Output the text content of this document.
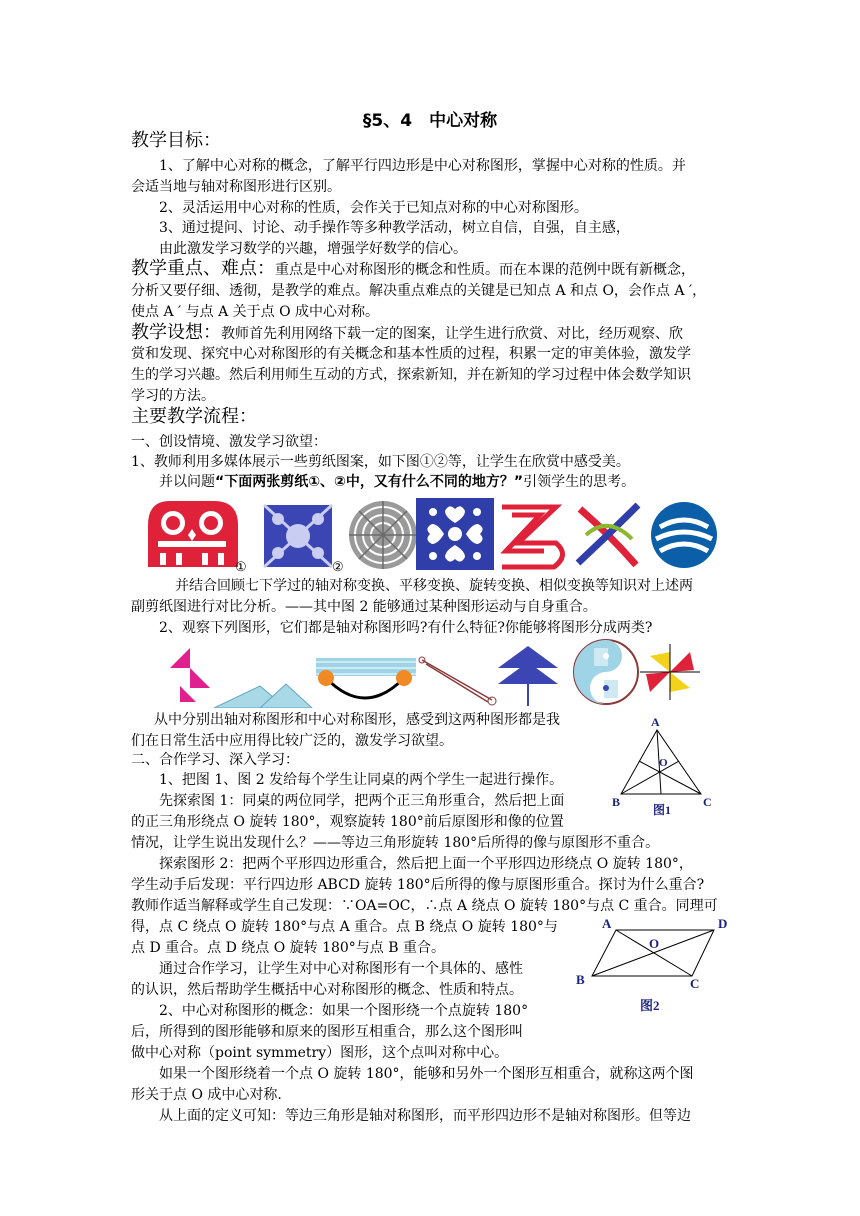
§5、4　中心对称
教学目标：
1、了解中心对称的概念，了解平行四边形是中心对称图形，掌握中心对称的性质。并
会适当地与轴对称图形进行区别。
2、灵活运用中心对称的性质，会作关于已知点对称的中心对称图形。
3、通过提问、讨论、动手操作等多种教学活动，树立自信，自强，自主感，
由此激发学习数学的兴趣，增强学好数学的信心。
教学重点、难点：重点是中心对称图形的概念和性质。而在本课的范例中既有新概念，
分析又要仔细、透彻，是教学的难点。解决重点难点的关键是已知点 A 和点 O，会作点 A ′，
使点 A ′ 与点 A 关于点 O 成中心对称。
教学设想：教师首先利用网络下载一定的图案，让学生进行欣赏、对比，经历观察、欣
赏和发现、探究中心对称图形的有关概念和基本性质的过程，积累一定的审美体验，激发学
生的学习兴趣。然后利用师生互动的方式，探索新知，并在新知的学习过程中体会数学知识
学习的方法。
主要教学流程：
一、创设情境、激发学习欲望：
1、教师利用多媒体展示一些剪纸图案，如下图①②等，让学生在欣赏中感受美。
并以问题“下面两张剪纸①、②中，又有什么不同的地方？”引领学生的思考。
①	②
并结合回顾七下学过的轴对称变换、平移变换、旋转变换、相似变换等知识对上述两
副剪纸图进行对比分析。——其中图 2 能够通过某种图形运动与自身重合。
2、观察下列图形，它们都是轴对称图形吗?有什么特征?你能够将图形分成两类?
从中分别出轴对称图形和中心对称图形，感受到这两种图形都是我
们在日常生活中应用得比较广泛的，激发学习欲望。
二、合作学习、深入学习：
1、把图 1、图 2 发给每个学生让同桌的两个学生一起进行操作。
先探索图 1：同桌的两位同学，把两个正三角形重合，然后把上面
的正三角形绕点 O 旋转 180°，观察旋转 180°前后原图形和像的位置
情况，让学生说出发现什么？——等边三角形旋转 180°后所得的像与原图形不重合。
探索图形 2：把两个平形四边形重合，然后把上面一个平形四边形绕点 O 旋转 180°，
学生动手后发现：平行四边形 ABCD 旋转 180°后所得的像与原图形重合。探讨为什么重合?
教师作适当解释或学生自己发现：∵OA=OC，∴点 A 绕点 O 旋转 180°与点 C 重合。同理可
得，点 C 绕点 O 旋转 180°与点 A 重合。点 B 绕点 O 旋转 180°与
点 D 重合。点 D 绕点 O 旋转 180°与点 B 重合。
通过合作学习，让学生对中心对称图形有一个具体的、感性
的认识，然后帮助学生概括中心对称图形的概念、性质和特点。
2、中心对称图形的概念：如果一个图形绕一个点旋转 180°
后，所得到的图形能够和原来的图形互相重合，那么这个图形叫
做中心对称（point symmetry）图形，这个点叫对称中心。
如果一个图形绕着一个点 O 旋转 180°，能够和另外一个图形互相重合，就称这两个图
形关于点 O 成中心对称.
从上面的定义可知：等边三角形是轴对称图形，而平形四边形不是轴对称图形。但等边
A
B	C
O
图1
A	D
B	C
O
图2
